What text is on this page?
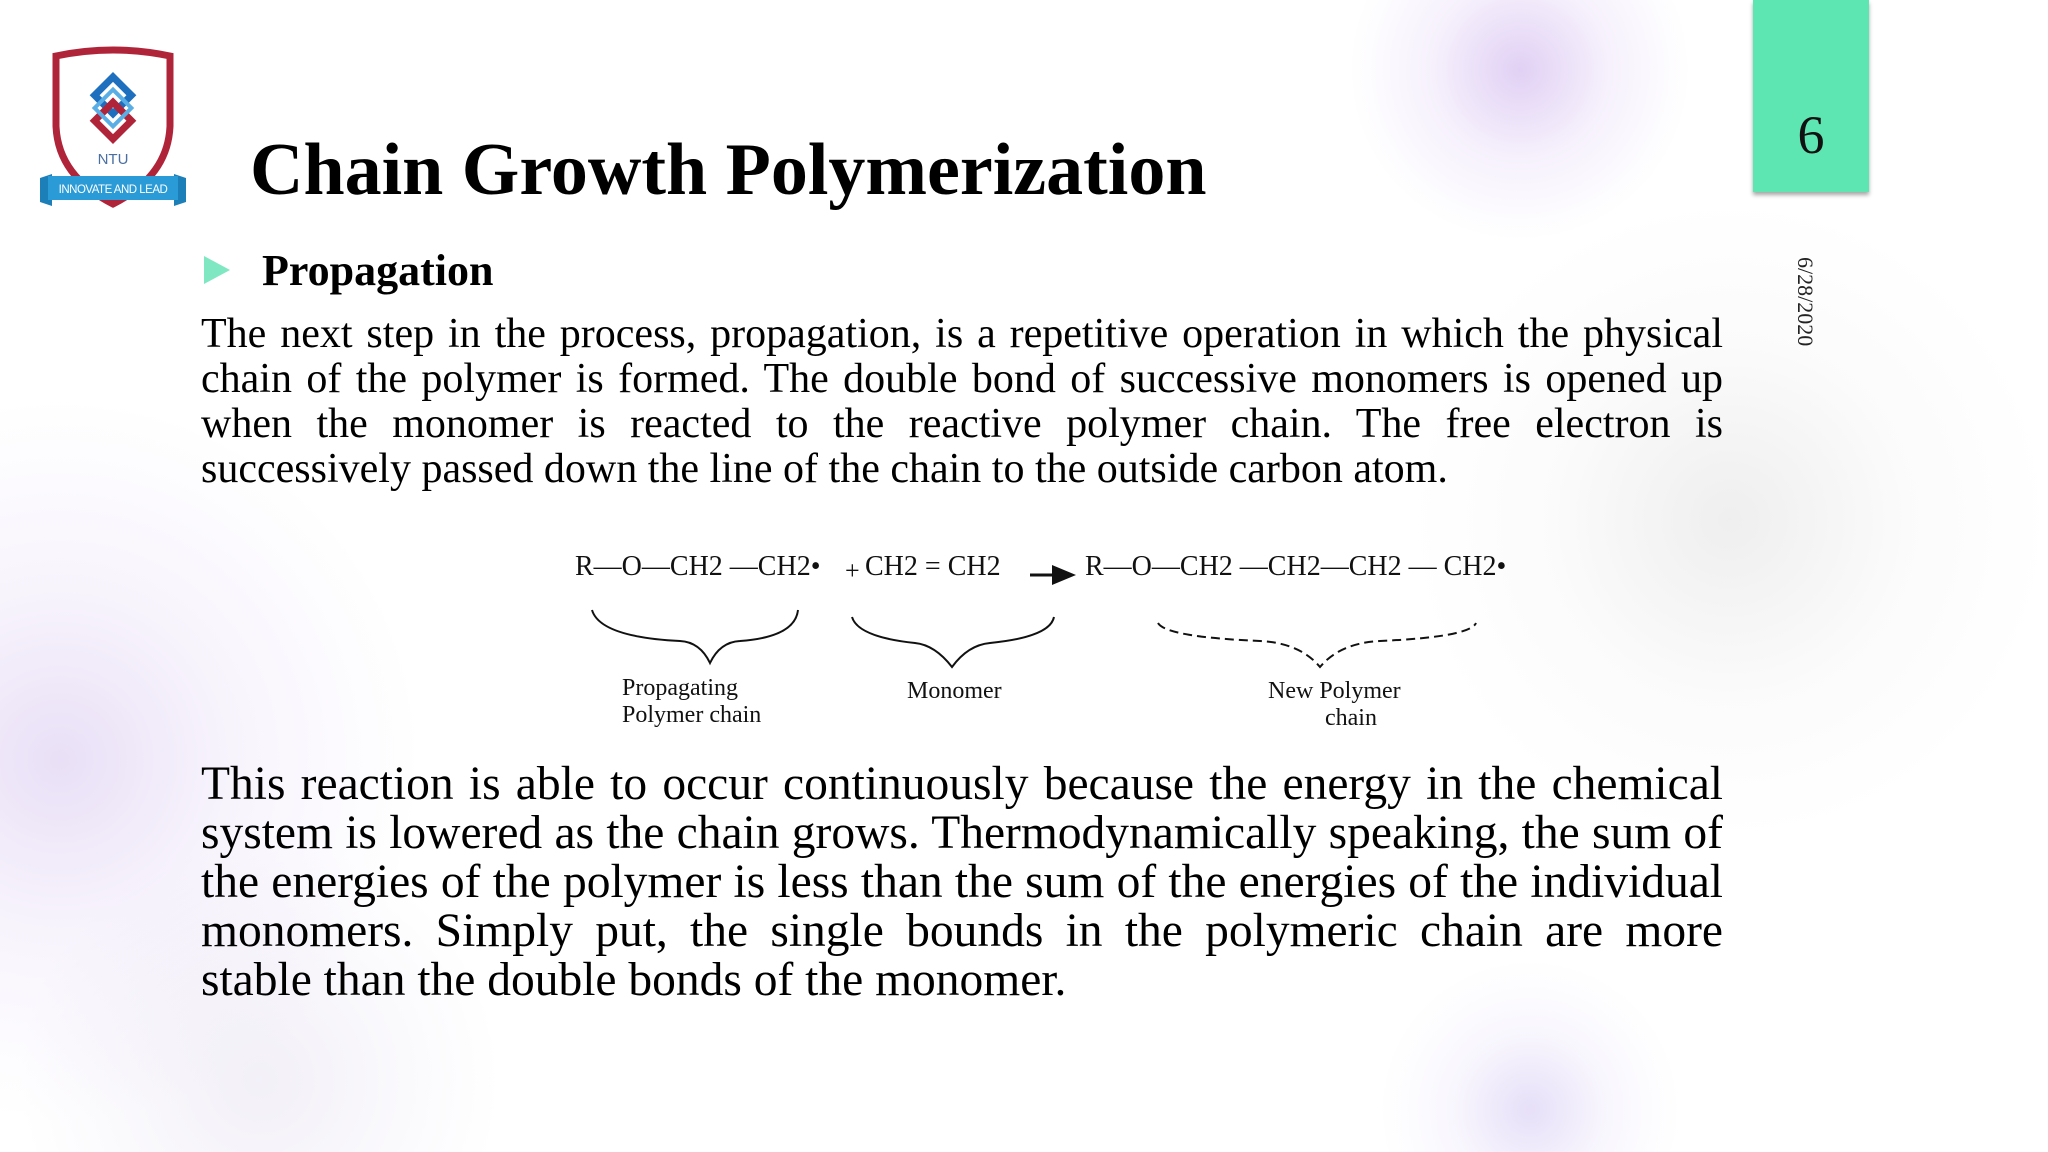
NTU
INNOVATE AND LEAD
6
6/28/2020
Chain Growth Polymerization
Propagation

The next step in the process, propagation, is a repetitive operation in which the physical chain of the polymer is formed. The double bond of successive monomers is opened up when the monomer is reacted to the reactive polymer chain. The free electron is successively passed down the line of the chain to the outside carbon atom.

R—O—CH2 —CH2• + CH2 = CH2	R—O—CH2 —CH2—CH2 — CH2•
Propagating
Polymer chain
Monomer	New Polymer
chain

This reaction is able to occur continuously because the energy in the chemical system is lowered as the chain grows. Thermodynamically speaking, the sum of the energies of the polymer is less than the sum of the energies of the individual monomers. Simply put, the single bounds in the polymeric chain are more stable than the double bonds of the monomer.
